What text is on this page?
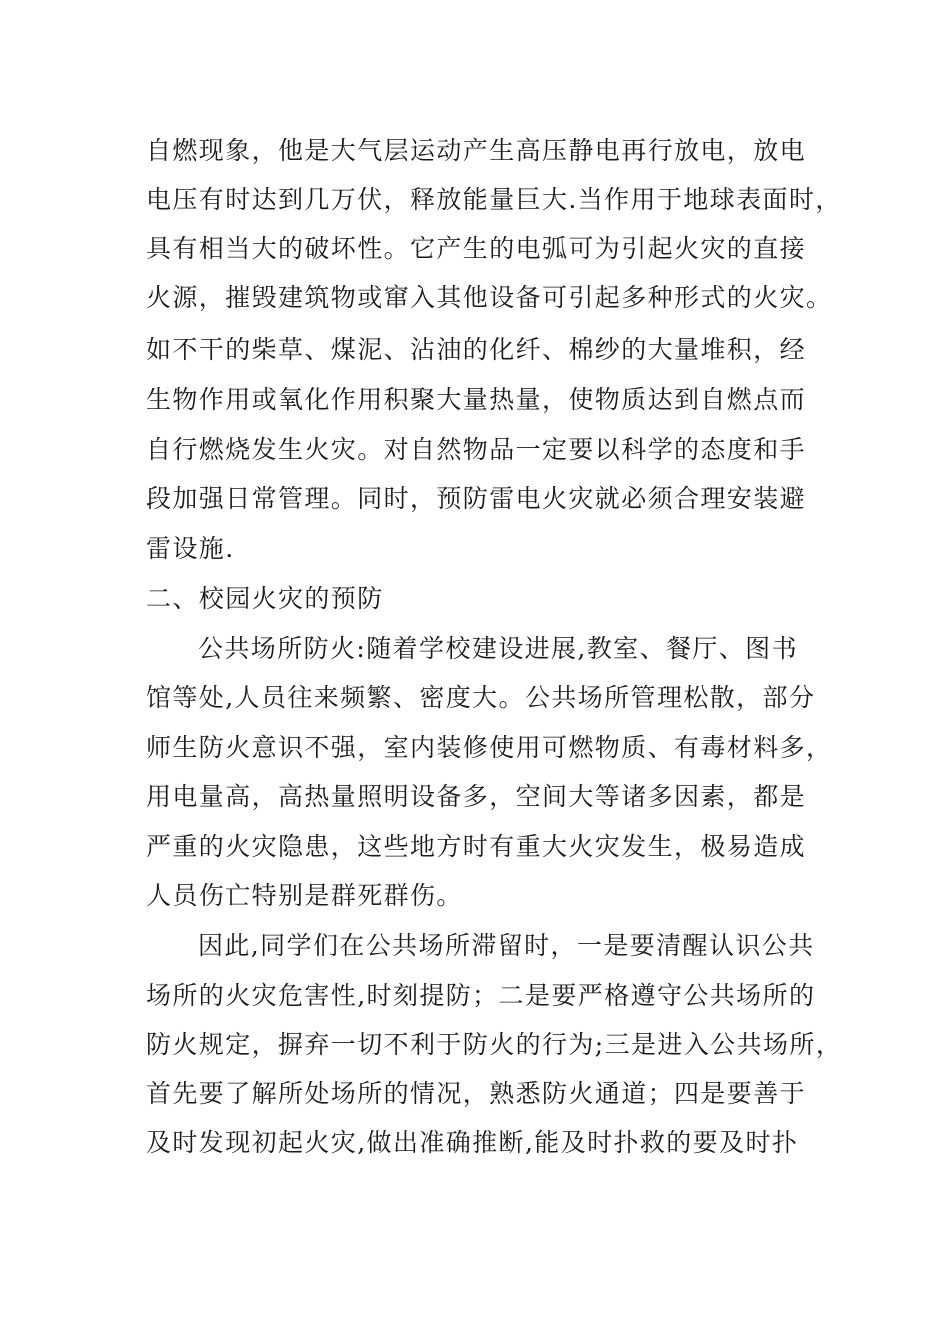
自燃现象，他是大气层运动产生高压静电再行放电，放电
电压有时达到几万伏，释放能量巨大.当作用于地球表面时，
具有相当大的破坏性。它产生的电弧可为引起火灾的直接
火源，摧毁建筑物或窜入其他设备可引起多种形式的火灾。
如不干的柴草、煤泥、沾油的化纤、棉纱的大量堆积，经
生物作用或氧化作用积聚大量热量，使物质达到自燃点而
自行燃烧发生火灾。对自然物品一定要以科学的态度和手
段加强日常管理。同时，预防雷电火灾就必须合理安装避
雷设施.
二、校园火灾的预防
公共场所防火:随着学校建设进展,教室、餐厅、图书
馆等处,人员往来频繁、密度大。公共场所管理松散，部分
师生防火意识不强，室内装修使用可燃物质、有毒材料多，
用电量高，高热量照明设备多，空间大等诸多因素，都是
严重的火灾隐患，这些地方时有重大火灾发生，极易造成
人员伤亡特别是群死群伤。
因此,同学们在公共场所滞留时，一是要清醒认识公共
场所的火灾危害性,时刻提防；二是要严格遵守公共场所的
防火规定，摒弃一切不利于防火的行为;三是进入公共场所，
首先要了解所处场所的情况，熟悉防火通道；四是要善于
及时发现初起火灾,做出准确推断,能及时扑救的要及时扑
